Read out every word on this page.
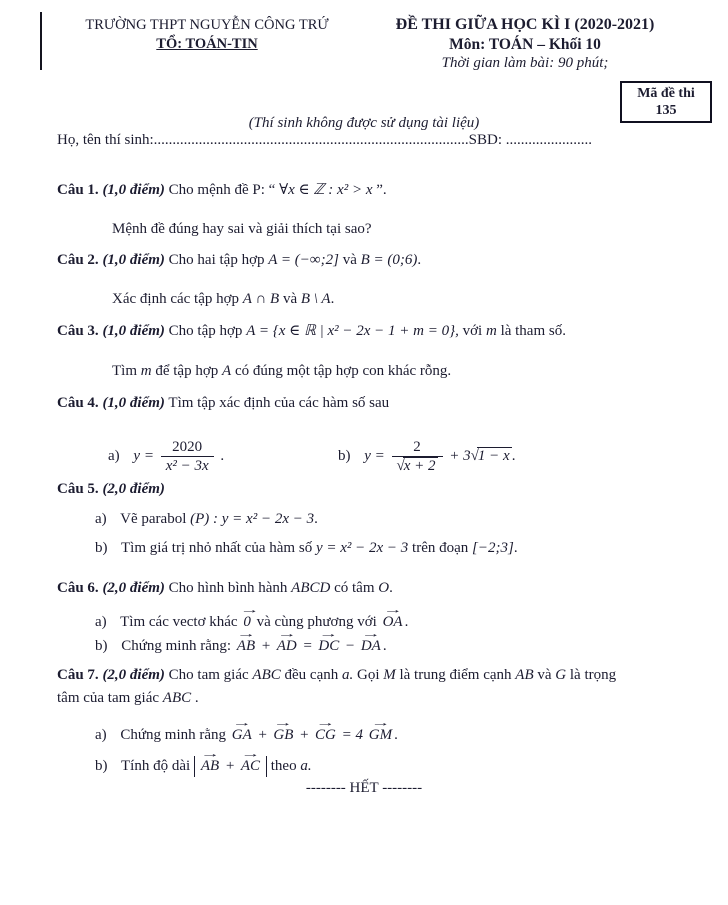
TRƯỜNG THPT NGUYỄN CÔNG TRỨ
TỔ: TOÁN-TIN
ĐỀ THI GIỮA HỌC KÌ I (2020-2021)
Môn: TOÁN – Khối 10
Thời gian làm bài: 90 phút;
Mã đề thi
135
(Thí sinh không được sử dụng tài liệu)
Họ, tên thí sinh:....................................................................................SBD: .......................
Câu 1. (1,0 điểm) Cho mệnh đề P: “ ∀x ∈ ℤ : x² > x ”.
Mệnh đề đúng hay sai và giải thích tại sao?
Câu 2. (1,0 điểm) Cho hai tập hợp A = (−∞;2] và B = (0;6).
Xác định các tập hợp A ∩ B và B \ A.
Câu 3. (1,0 điểm) Cho tập hợp A = {x ∈ ℝ | x² − 2x − 1 + m = 0}, với m là tham số.
Tìm m để tập hợp A có đúng một tập hợp con khác rỗng.
Câu 4. (1,0 điểm) Tìm tập xác định của các hàm số sau
a) $y = \frac{2020}{\text{x² − 3x}}$ .	b) $y = \frac{2}{√x + 2} + 3√1 - x$ .
Câu 5. (2,0 điểm)
a) Vẽ parabol (P) : y = x² − 2x − 3.
b) Tìm giá trị nhỏ nhất của hàm số y = x² − 2x − 3 trên đoạn [−2;3].
Câu 6. (2,0 điểm) Cho hình bình hành ABCD có tâm O.
a) Tìm các vectơ khác
→
0 và cùng phương với
→
OA .
b) Chứng minh rằng:
→
AB +
→
AD =
→
DC −
→
DA .
Câu 7. (2,0 điểm) Cho tam giác ABC đều cạnh a. Gọi M là trung điểm cạnh AB và G là trọng
tâm của tam giác ABC .
a) Chứng minh rằng
→
GA +
→
GB +
→
CG = 4
→
GM .
b) Tính độ dài
→
AB +
→
AC theo a.
-------- HẾT --------
